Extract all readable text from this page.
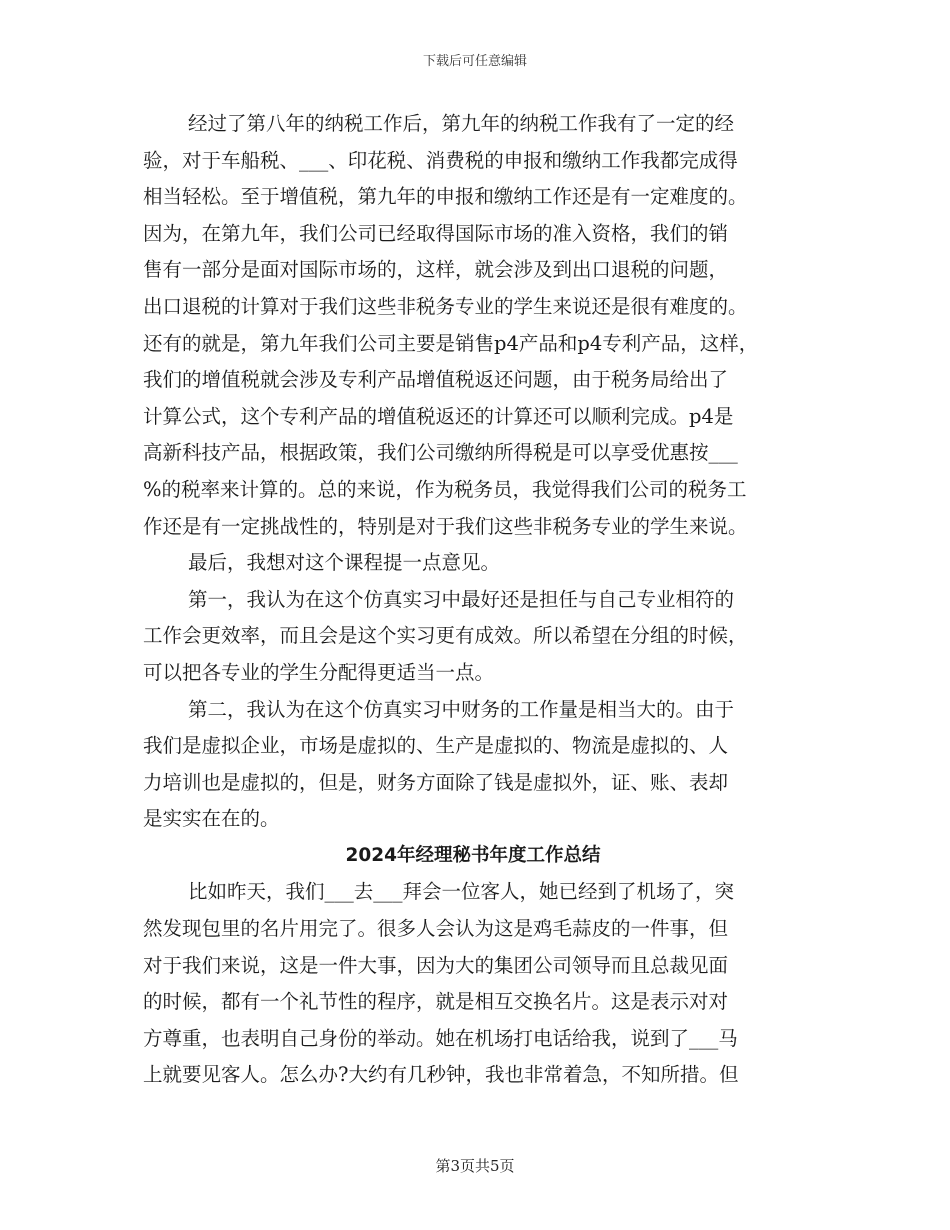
下载后可任意编辑
经过了第八年的纳税工作后，第九年的纳税工作我有了一定的经
验，对于车船税、___、印花税、消费税的申报和缴纳工作我都完成得
相当轻松。至于增值税，第九年的申报和缴纳工作还是有一定难度的。
因为，在第九年，我们公司已经取得国际市场的准入资格，我们的销
售有一部分是面对国际市场的，这样，就会涉及到出口退税的问题，
出口退税的计算对于我们这些非税务专业的学生来说还是很有难度的。
还有的就是，第九年我们公司主要是销售p4产品和p4专利产品，这样，
我们的增值税就会涉及专利产品增值税返还问题，由于税务局给出了
计算公式，这个专利产品的增值税返还的计算还可以顺利完成。p4是
高新科技产品，根据政策，我们公司缴纳所得税是可以享受优惠按___
%的税率来计算的。总的来说，作为税务员，我觉得我们公司的税务工
作还是有一定挑战性的，特别是对于我们这些非税务专业的学生来说。
最后，我想对这个课程提一点意见。
第一，我认为在这个仿真实习中最好还是担任与自己专业相符的
工作会更效率，而且会是这个实习更有成效。所以希望在分组的时候，
可以把各专业的学生分配得更适当一点。
第二，我认为在这个仿真实习中财务的工作量是相当大的。由于
我们是虚拟企业，市场是虚拟的、生产是虚拟的、物流是虚拟的、人
力培训也是虚拟的，但是，财务方面除了钱是虚拟外，证、账、表却
是实实在在的。
2024年经理秘书年度工作总结
比如昨天，我们___去___拜会一位客人，她已经到了机场了，突
然发现包里的名片用完了。很多人会认为这是鸡毛蒜皮的一件事，但
对于我们来说，这是一件大事，因为大的集团公司领导而且总裁见面
的时候，都有一个礼节性的程序，就是相互交换名片。这是表示对对
方尊重，也表明自己身份的举动。她在机场打电话给我，说到了___马
上就要见客人。怎么办?大约有几秒钟，我也非常着急，不知所措。但
第3页共5页
